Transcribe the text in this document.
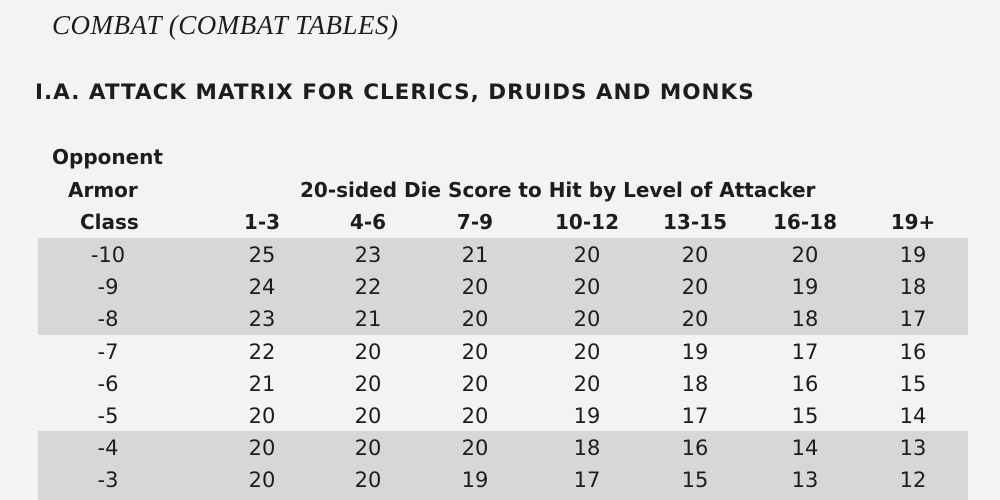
COMBAT (COMBAT TABLES)
I.A. ATTACK MATRIX FOR CLERICS, DRUIDS AND MONKS
Opponent
Armor
Class
20-sided Die Score to Hit by Level of Attacker
1-3	4-6	7-9	10-12	13-15	16-18	19+
-10	25	23	21	20	20	20	19
-9	24	22	20	20	20	19	18
-8	23	21	20	20	20	18	17
-7	22	20	20	20	19	17	16
-6	21	20	20	20	18	16	15
-5	20	20	20	19	17	15	14
-4	20	20	20	18	16	14	13
-3	20	20	19	17	15	13	12
